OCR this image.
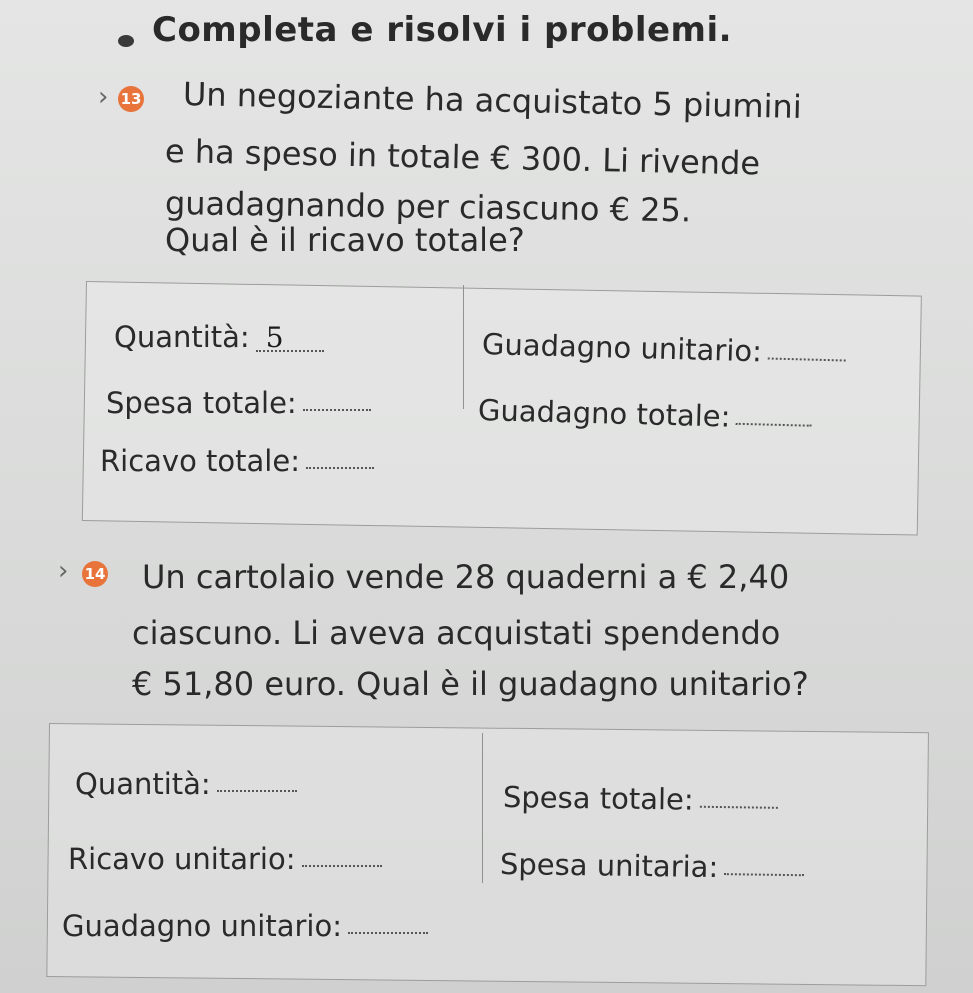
Completa e risolvi i problemi.
› 13 Un negoziante ha acquistato 5 piumini
e ha speso in totale € 300. Li rivende
guadagnando per ciascuno € 25.
Qual è il ricavo totale?
Quantità: 5	Guadagno unitario:
Spesa totale:	Guadagno totale:
Ricavo totale:
› 14 Un cartolaio vende 28 quaderni a € 2,40
ciascuno. Li aveva acquistati spendendo
€ 51,80 euro. Qual è il guadagno unitario?
Quantità:	Spesa totale:
Ricavo unitario:	Spesa unitaria:
Guadagno unitario:
